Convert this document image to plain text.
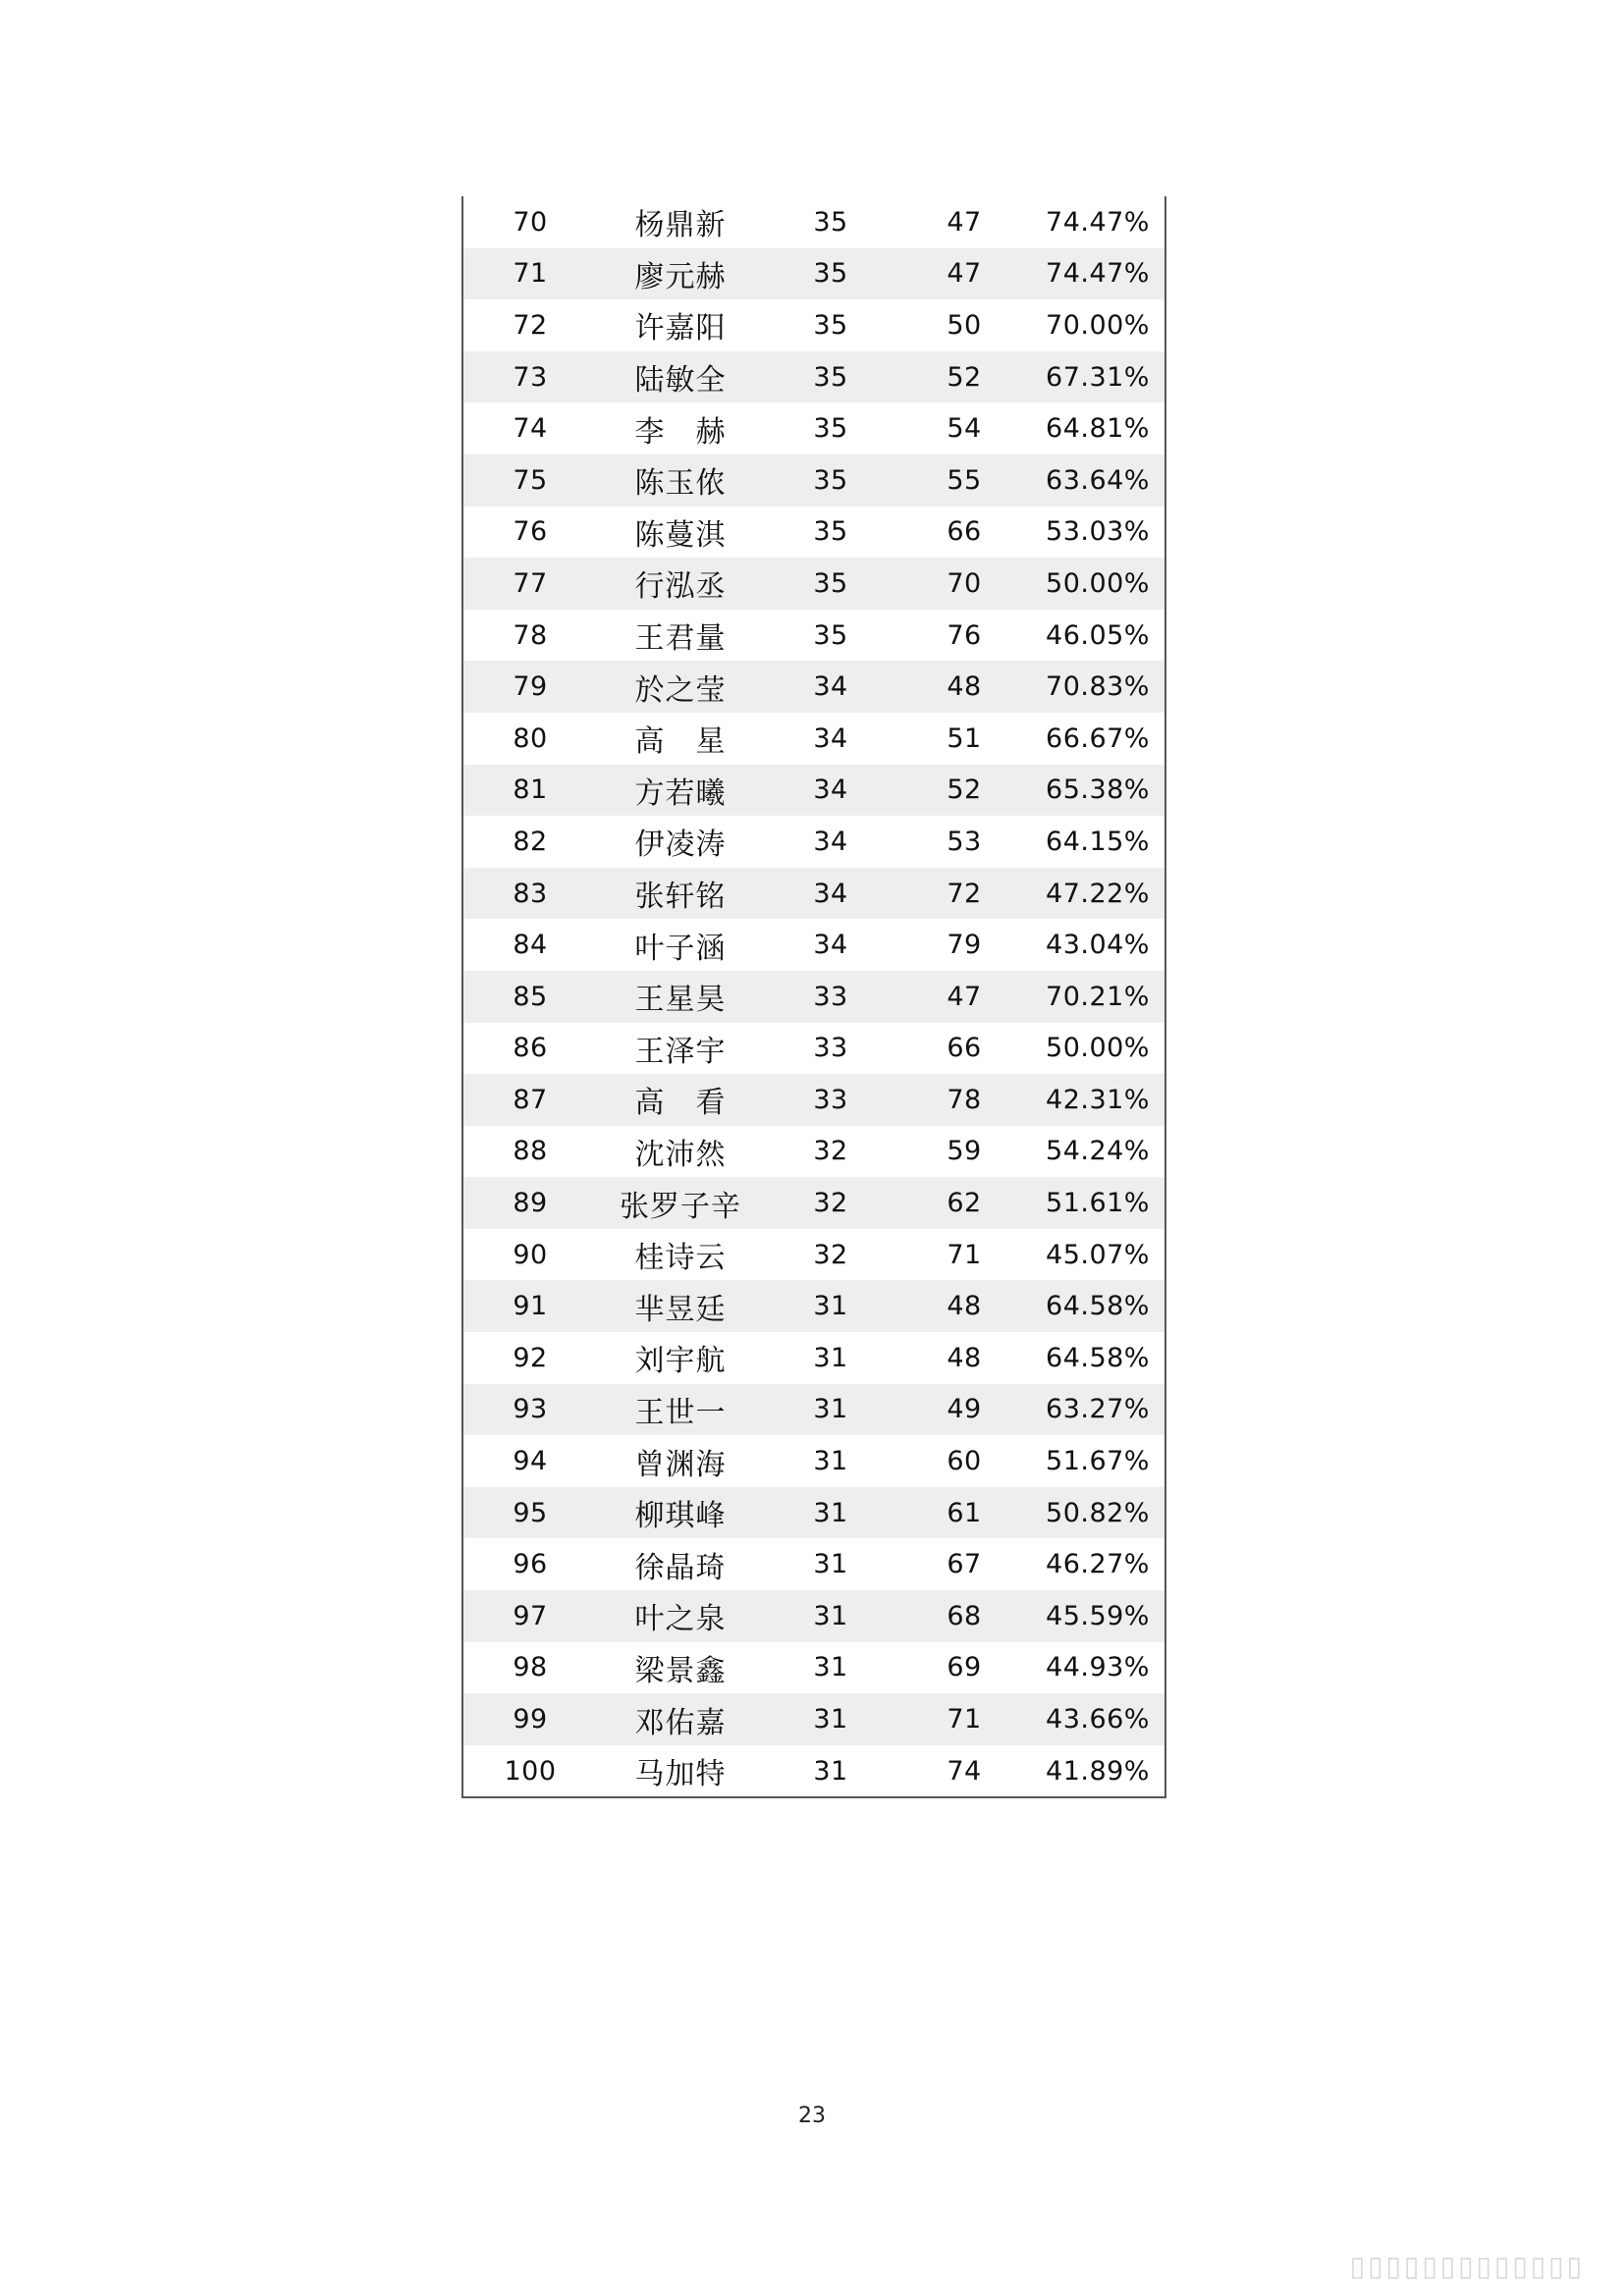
70	杨鼎新	35	47	74.47%
71	廖元赫	35	47	74.47%
72	许嘉阳	35	50	70.00%
73	陆敏全	35	52	67.31%
74	李　赫	35	54	64.81%
75	陈玉侬	35	55	63.64%
76	陈蔓淇	35	66	53.03%
77	行泓丞	35	70	50.00%
78	王君量	35	76	46.05%
79	於之莹	34	48	70.83%
80	高　星	34	51	66.67%
81	方若曦	34	52	65.38%
82	伊凌涛	34	53	64.15%
83	张轩铭	34	72	47.22%
84	叶子涵	34	79	43.04%
85	王星昊	33	47	70.21%
86	王泽宇	33	66	50.00%
87	高　看	33	78	42.31%
88	沈沛然	32	59	54.24%
89	张罗子辛	32	62	51.61%
90	桂诗云	32	71	45.07%
91	芈昱廷	31	48	64.58%
92	刘宇航	31	48	64.58%
93	王世一	31	49	63.27%
94	曾渊海	31	60	51.67%
95	柳琪峰	31	61	50.82%
96	徐晶琦	31	67	46.27%
97	叶之泉	31	68	45.59%
98	梁景鑫	31	69	44.93%
99	邓佑嘉	31	71	43.66%
100	马加特	31	74	41.89%
23
▯▯▯▯▯▯▯▯▯▯▯▯▯
